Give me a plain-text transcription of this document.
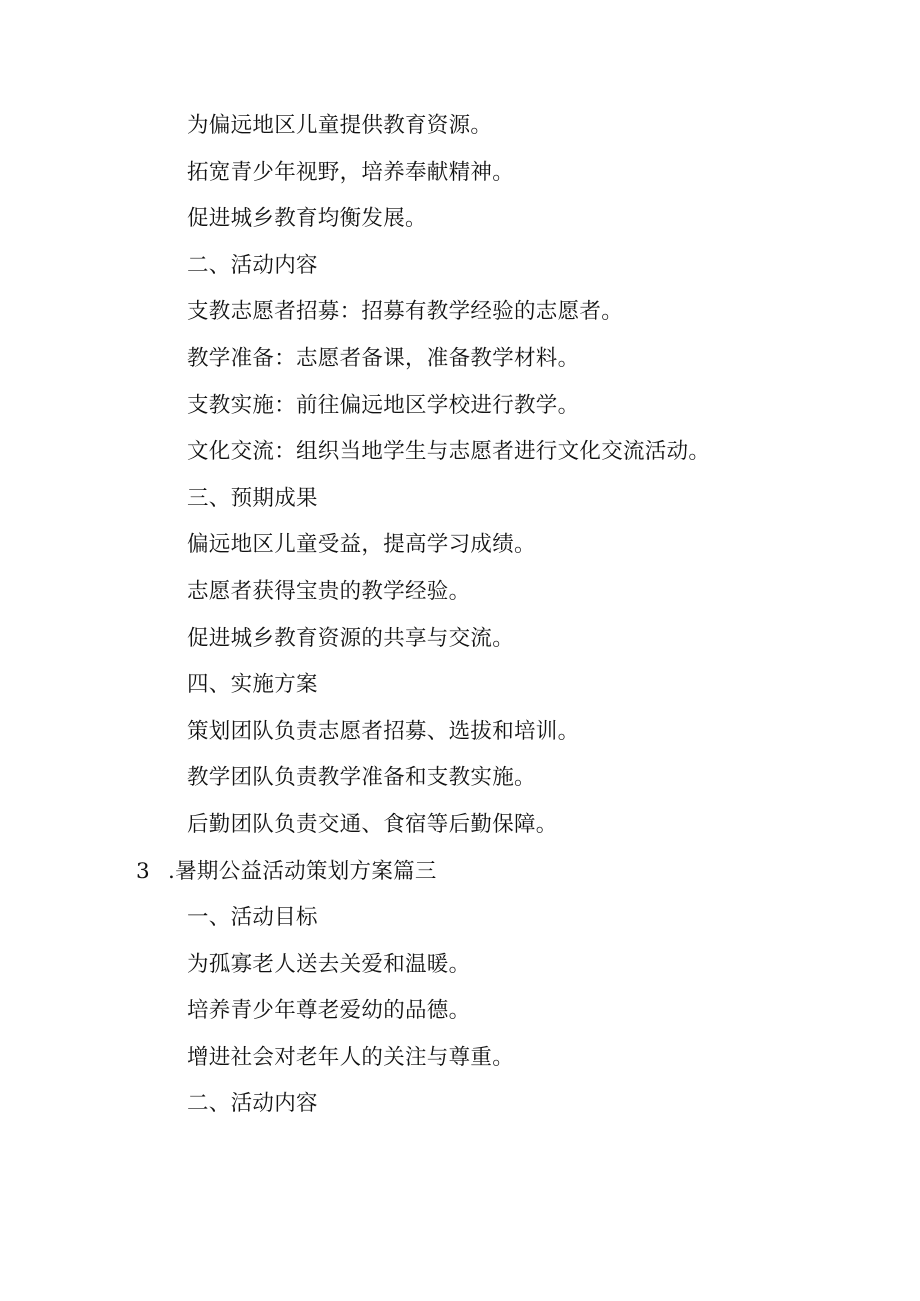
为偏远地区儿童提供教育资源。
拓宽青少年视野，培养奉献精神。
促进城乡教育均衡发展。
二、活动内容
支教志愿者招募：招募有教学经验的志愿者。
教学准备：志愿者备课，准备教学材料。
支教实施：前往偏远地区学校进行教学。
文化交流：组织当地学生与志愿者进行文化交流活动。
三、预期成果
偏远地区儿童受益，提高学习成绩。
志愿者获得宝贵的教学经验。
促进城乡教育资源的共享与交流。
四、实施方案
策划团队负责志愿者招募、选拔和培训。
教学团队负责教学准备和支教实施。
后勤团队负责交通、食宿等后勤保障。
3 .暑期公益活动策划方案篇三
一、活动目标
为孤寡老人送去关爱和温暖。
培养青少年尊老爱幼的品德。
增进社会对老年人的关注与尊重。
二、活动内容
